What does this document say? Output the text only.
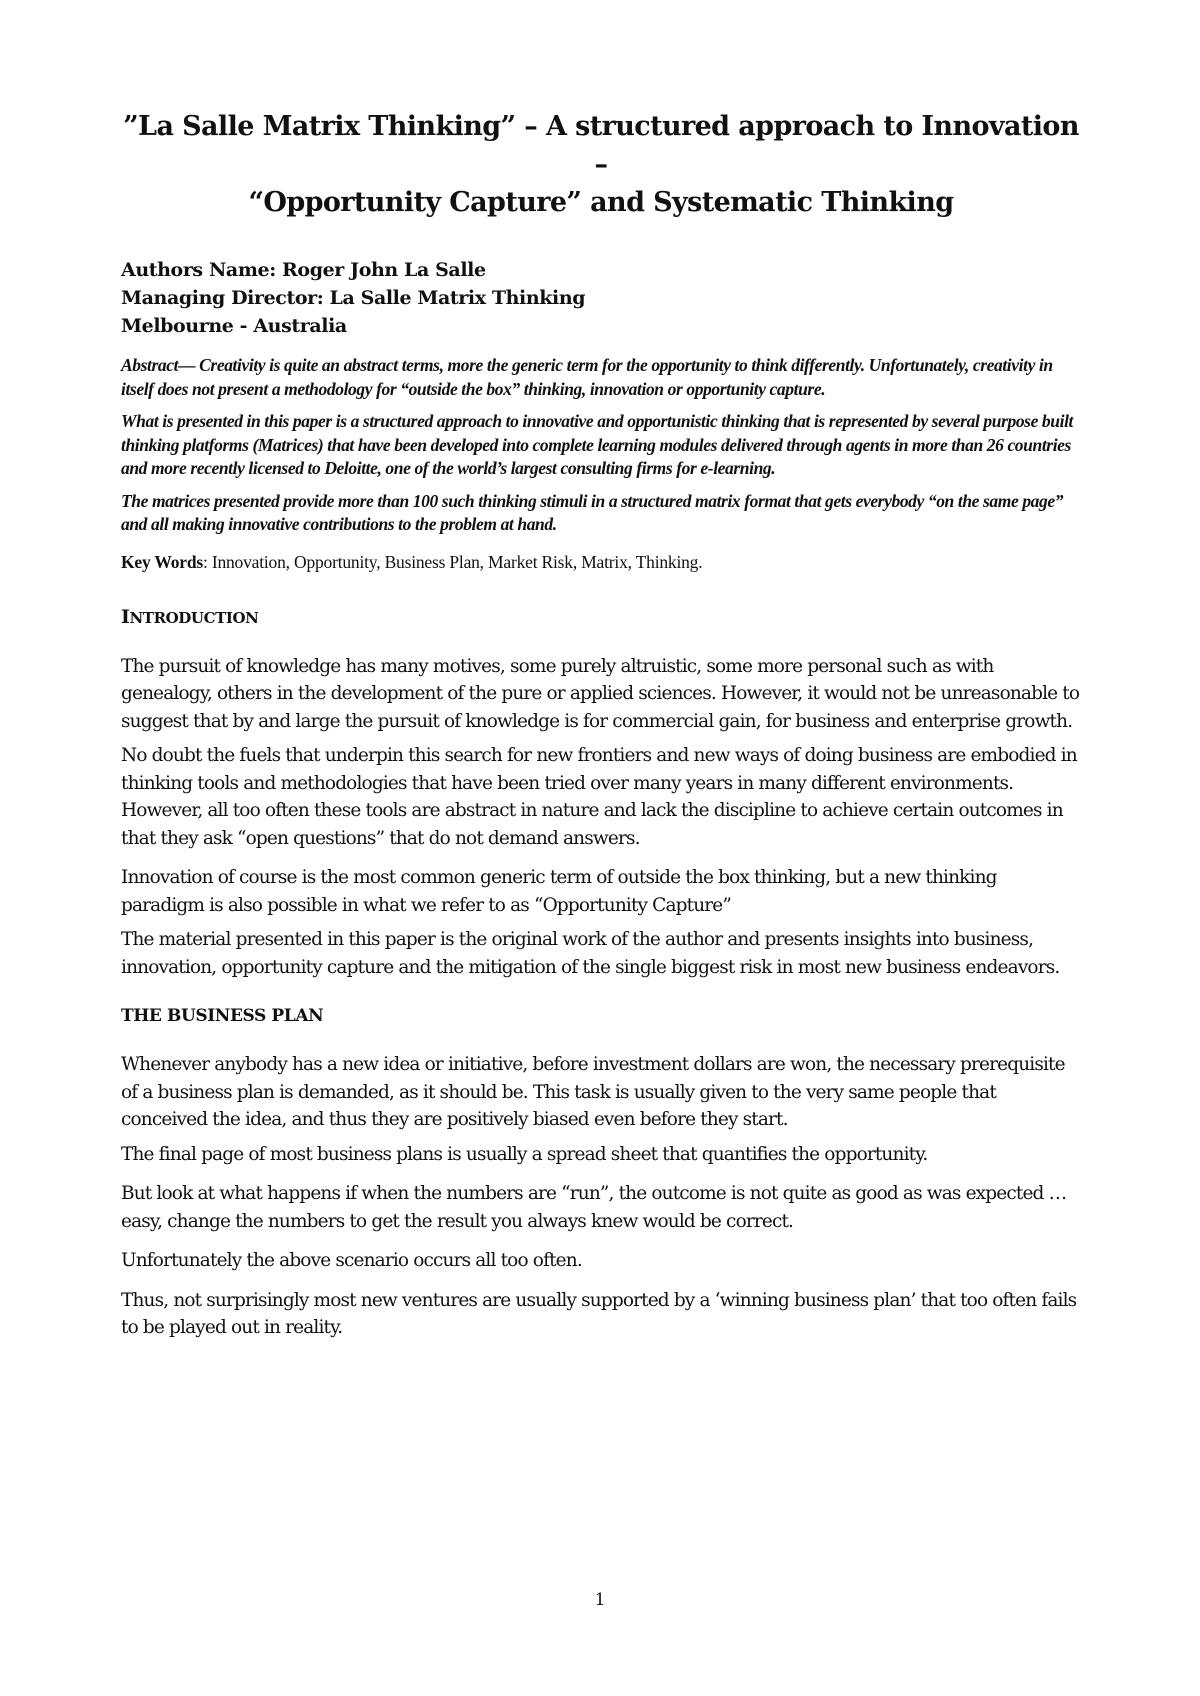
”La Salle Matrix Thinking” – A structured approach to Innovation –
“Opportunity Capture” and Systematic Thinking
Authors Name: Roger John La Salle
Managing Director: La Salle Matrix Thinking
Melbourne - Australia

Abstract— Creativity is quite an abstract terms, more the generic term for the opportunity to think differently. Unfortunately, creativity in itself does not present a methodology for “outside the box” thinking, innovation or opportunity capture.

What is presented in this paper is a structured approach to innovative and opportunistic thinking that is represented by several purpose built thinking platforms (Matrices) that have been developed into complete learning modules delivered through agents in more than 26 countries and more recently licensed to Deloitte, one of the world’s largest consulting firms for e-learning.

The matrices presented provide more than 100 such thinking stimuli in a structured matrix format that gets everybody “on the same page” and all making innovative contributions to the problem at hand.

Key Words: Innovation, Opportunity, Business Plan, Market Risk, Matrix, Thinking.

INTRODUCTION

The pursuit of knowledge has many motives, some purely altruistic, some more personal such as with genealogy, others in the development of the pure or applied sciences. However, it would not be unreasonable to suggest that by and large the pursuit of knowledge is for commercial gain, for business and enterprise growth.

No doubt the fuels that underpin this search for new frontiers and new ways of doing business are embodied in thinking tools and methodologies that have been tried over many years in many different environments. However, all too often these tools are abstract in nature and lack the discipline to achieve certain outcomes in that they ask “open questions” that do not demand answers.

Innovation of course is the most common generic term of outside the box thinking, but a new thinking paradigm is also possible in what we refer to as “Opportunity Capture”

The material presented in this paper is the original work of the author and presents insights into business, innovation, opportunity capture and the mitigation of the single biggest risk in most new business endeavors.

THE BUSINESS PLAN

Whenever anybody has a new idea or initiative, before investment dollars are won, the necessary prerequisite of a business plan is demanded, as it should be. This task is usually given to the very same people that conceived the idea, and thus they are positively biased even before they start.

The final page of most business plans is usually a spread sheet that quantifies the opportunity.

But look at what happens if when the numbers are “run”, the outcome is not quite as good as was expected … easy, change the numbers to get the result you always knew would be correct.

Unfortunately the above scenario occurs all too often.

Thus, not surprisingly most new ventures are usually supported by a ‘winning business plan’ that too often fails to be played out in reality.

1
